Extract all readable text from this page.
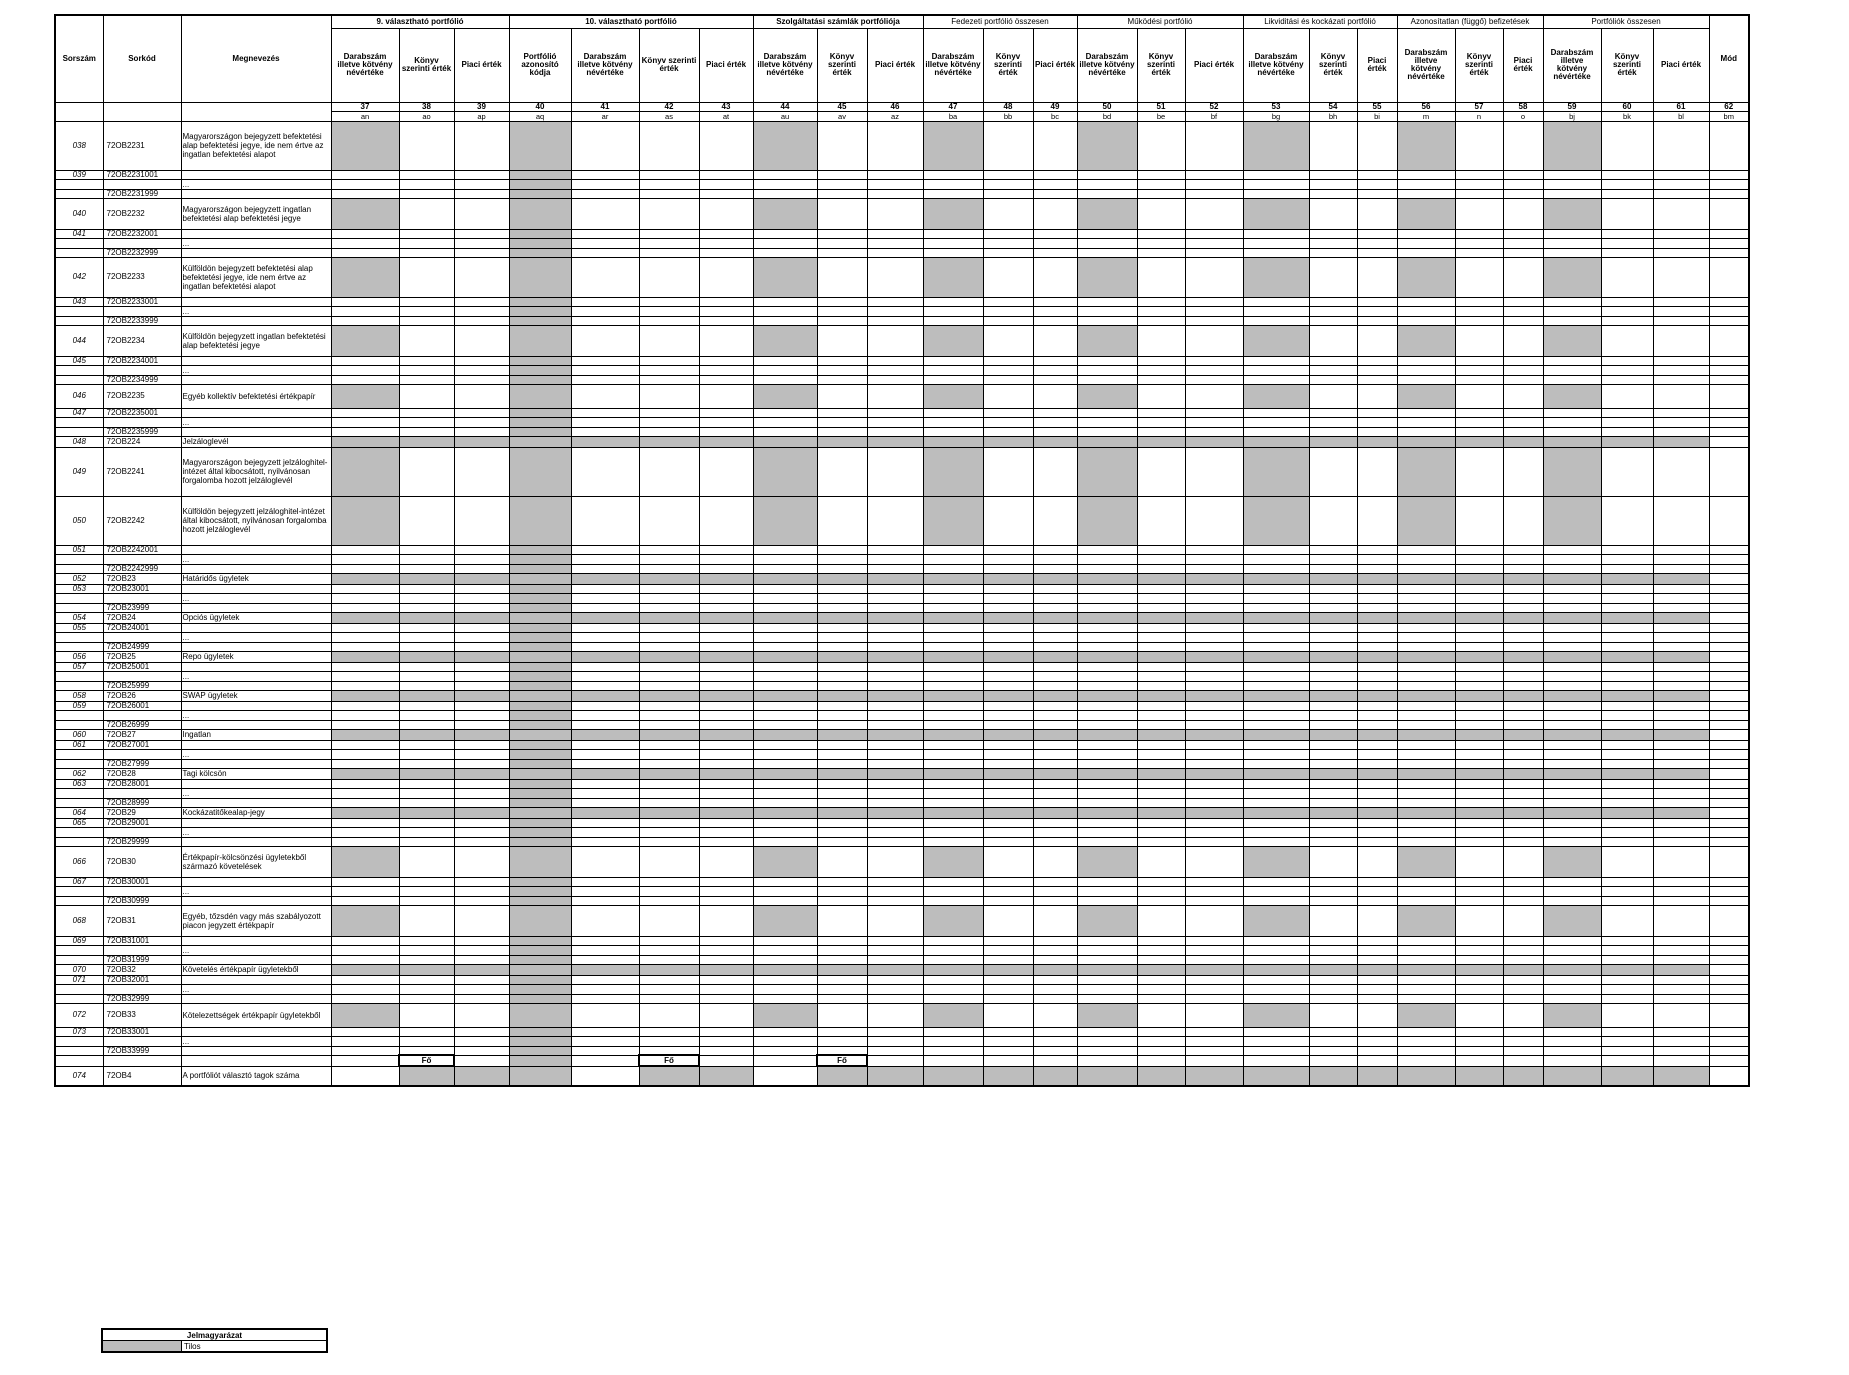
Sorszám	Sorkód	Megnevezés	9. választható portfólió			10. választható portfólió				Szolgáltatási számlák portfóliója			Fedezeti portfólió összesen			Működési portfólió			Likviditási és kockázati portfólió			Azonosítatlan (függő) befizetések			Portfóliók összesen			Mód
			Darabszám illetve kötvény névértéke	Könyv szerinti érték	Piaci érték	Portfólió azonosító kódja	Darabszám illetve kötvény névértéke	Könyv szerinti érték	Piaci érték	Darabszám illetve kötvény névértéke	Könyv szerinti érték	Piaci érték	Darabszám illetve kötvény névértéke	Könyv szerinti érték	Piaci érték	Darabszám illetve kötvény névértéke	Könyv szerinti érték	Piaci érték	Darabszám illetve kötvény névértéke	Könyv szerinti érték	Piaci érték	Darabszám illetve kötvény névértéke	Könyv szerinti érték	Piaci érték	Darabszám illetve kötvény névértéke	Könyv szerinti érték	Piaci érték	
			37	38	39	40	41	42	43	44	45	46	47	48	49	50	51	52	53	54	55	56	57	58	59	60	61	62
			an	ao	ap	aq	ar	as	at	au	av	az	ba	bb	bc	bd	be	bf	bg	bh	bi	m	n	o	bj	bk	bl	bm
038	72OB2231	Magyarországon bejegyzett befektetési alap befektetési jegye, ide nem értve az ingatlan befektetési alapot																										
039	72OB2231001																											
		...																										
	72OB2231999																											
040	72OB2232	Magyarországon bejegyzett ingatlan befektetési alap befektetési jegye																										
041	72OB2232001																											
		...																										
	72OB2232999																											
042	72OB2233	Külföldön bejegyzett befektetési alap befektetési jegye, ide nem értve az ingatlan befektetési alapot																										
043	72OB2233001																											
		...																										
	72OB2233999																											
044	72OB2234	Külföldön bejegyzett ingatlan befektetési alap befektetési jegye																										
045	72OB2234001																											
		...																										
	72OB2234999																											
046	72OB2235	Egyéb kollektív befektetési értékpapír																										
047	72OB2235001																											
		...																										
	72OB2235999																											
048	72OB224	Jelzáloglevél																										
049	72OB2241	Magyarországon bejegyzett jelzáloghitel-intézet által kibocsátott, nyilvánosan forgalomba hozott jelzáloglevél																										
050	72OB2242	Külföldön bejegyzett jelzáloghitel-intézet által kibocsátott, nyilvánosan forgalomba hozott jelzáloglevél																										
051	72OB2242001																											
		...																										
	72OB2242999																											
052	72OB23	Határidős ügyletek																										
053	72OB23001																											
		...																										
	72OB23999																											
054	72OB24	Opciós ügyletek																										
055	72OB24001																											
		...																										
	72OB24999																											
056	72OB25	Repo ügyletek																										
057	72OB25001																											
		...																										
	72OB25999																											
058	72OB26	SWAP ügyletek																										
059	72OB26001																											
		...																										
	72OB26999																											
060	72OB27	Ingatlan																										
061	72OB27001																											
		...																										
	72OB27999																											
062	72OB28	Tagi kölcsön																										
063	72OB28001																											
		...																										
	72OB28999																											
064	72OB29	Kockázatitőkealap-jegy																										
065	72OB29001																											
		...																										
	72OB29999																											
066	72OB30	Értékpapír-kölcsönzési ügyletekből származó követelések																										
067	72OB30001																											
		...																										
	72OB30999																											
068	72OB31	Egyéb, tőzsdén vagy más szabályozott piacon jegyzett értékpapír																										
069	72OB31001																											
		...																										
	72OB31999																											
070	72OB32	Követelés értékpapír ügyletekből																										
071	72OB32001																											
		...																										
	72OB32999																											
072	72OB33	Kötelezettségek értékpapír ügyletekből																										
073	72OB33001																											
		...																										
	72OB33999																											
				Fő				Fő			Fő																	
074	72OB4	A portfóliót választó tagok száma																										
Jelmagyarázat
	Tilos
